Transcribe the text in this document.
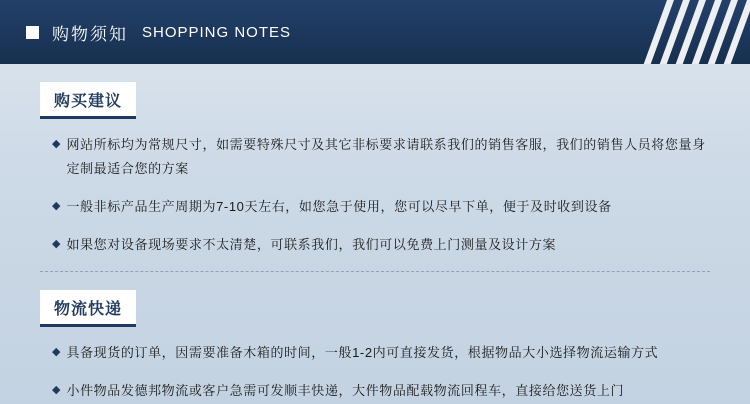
购物须知 SHOPPING NOTES
购买建议
◆ 网站所标均为常规尺寸，如需要特殊尺寸及其它非标要求请联系我们的销售客服，我们的销售人员将您量身定制最适合您的方案
◆ 一般非标产品生产周期为7-10天左右，如您急于使用，您可以尽早下单，便于及时收到设备
◆ 如果您对设备现场要求不太清楚，可联系我们，我们可以免费上门测量及设计方案
物流快递
◆ 具备现货的订单，因需要准备木箱的时间，一般1-2内可直接发货，根据物品大小选择物流运输方式
◆ 小件物品发德邦物流或客户急需可发顺丰快递，大件物品配载物流回程车，直接给您送货上门
